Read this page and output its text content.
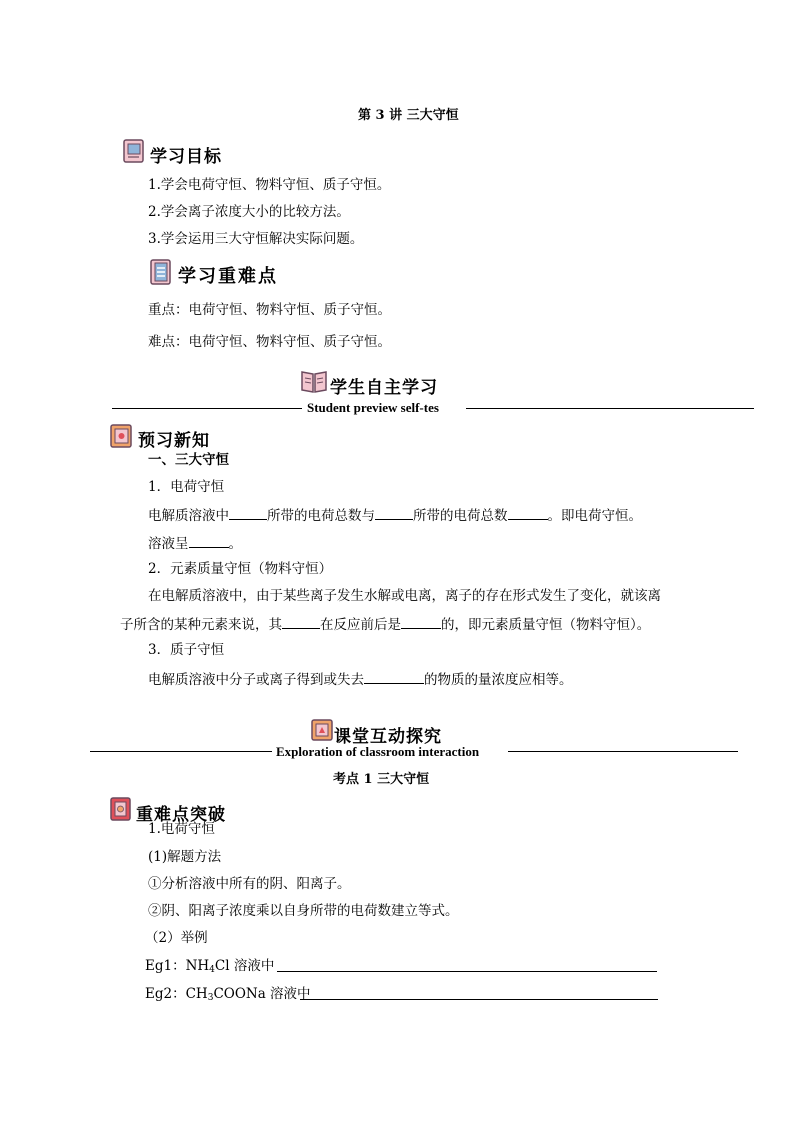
第 3 讲 三大守恒
学习目标
1.学会电荷守恒、物料守恒、质子守恒。
2.学会离子浓度大小的比较方法。
3.学会运用三大守恒解决实际问题。
学习重难点
重点：电荷守恒、物料守恒、质子守恒。
难点：电荷守恒、物料守恒、质子守恒。
学生自主学习
Student preview self-tes
预习新知
一、三大守恒
1．电荷守恒
电解质溶液中	所带的电荷总数与	所带的电荷总数	。即电荷守恒。
溶液呈	。
2．元素质量守恒（物料守恒）
在电解质溶液中，由于某些离子发生水解或电离，离子的存在形式发生了变化，就该离
子所含的某种元素来说，其	在反应前后是	的，即元素质量守恒（物料守恒）。
3．质子守恒
电解质溶液中分子或离子得到或失去	的物质的量浓度应相等。
课堂互动探究
Exploration of classroom interaction
考点 1 三大守恒
重难点突破
1.电荷守恒
(1)解题方法
①分析溶液中所有的阴、阳离子。
②阴、阳离子浓度乘以自身所带的电荷数建立等式。
（2）举例
Eg1：$NH_4Cl$ 溶液中
Eg2：$CH_3COONa$ 溶液中
